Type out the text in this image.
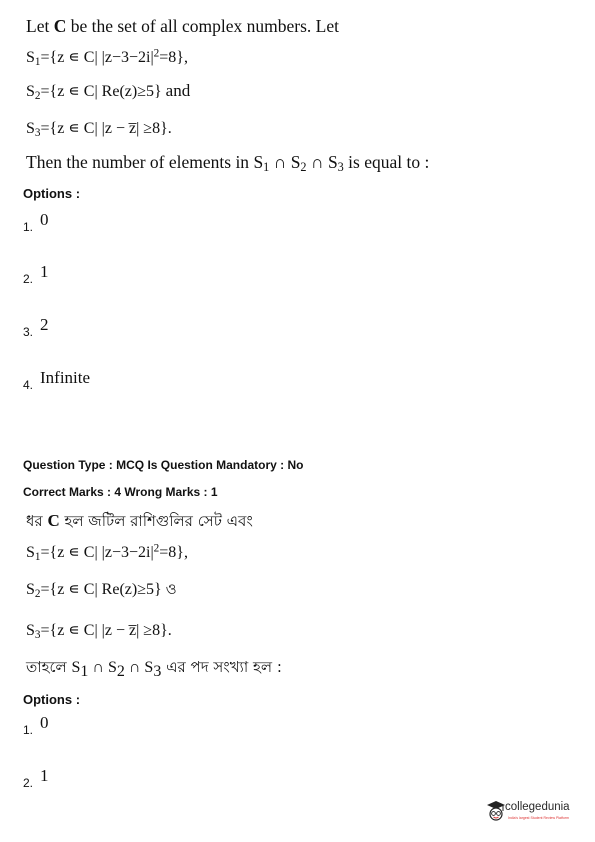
Let C be the set of all complex numbers. Let
$S_1=\{z$ ∊ C| $|z-3-2i|^2=8$},
$S_2=\{z$ ∊ C| Re(z)≥5} and
$S_3=\{z$ ∊ C| |z − z̅| ≥8}.
Then the number of elements in $S_1$ ∩ $S_2$ ∩ $S_3$ is equal to :
Options :
$_{1.}$ 0
$_{2.}$ 1
$_{3.}$ 2
$_{4.}$ Infinite
Question Type : MCQ Is Question Mandatory : No
Correct Marks : 4 Wrong Marks : 1
ধর C হল জটিল রাশিগুলির সেট এবং
$S_1=\{z$ ∊ C| $|z-3-2i|^2=8$},
$S_2=\{z$ ∊ C| Re(z)≥5} ও
$S_3=\{z$ ∊ C| |z − z̅| ≥8}.
তাহলে $S_1$ ∩ $S_2$ ∩ $S_3$ এর পদ সংখ্যা হল :
Options :
$_{1.}$ 0
$_{2.}$ 1
collegedunia
India's largest Student Review Platform
